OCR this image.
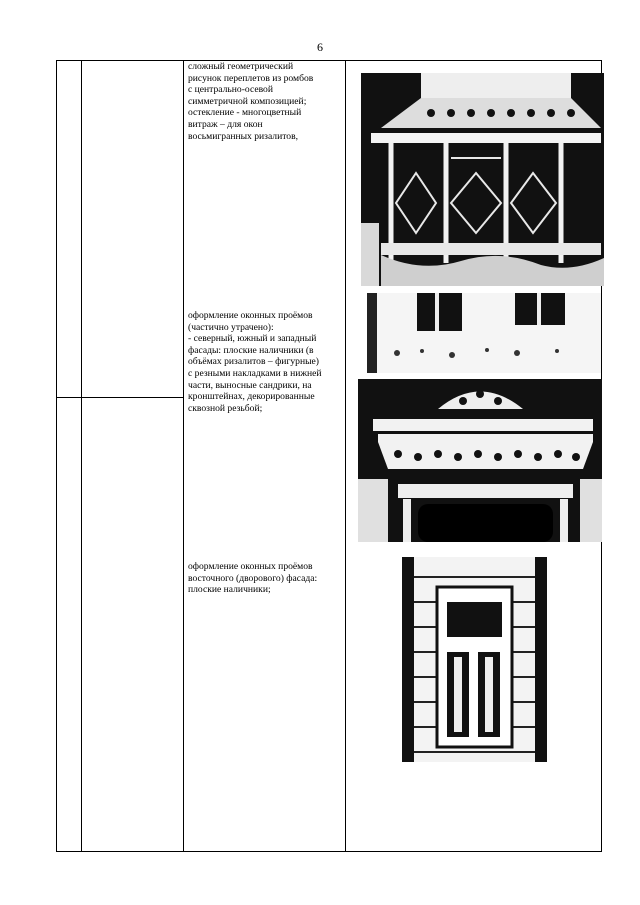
6
сложный геометрический
рисунок переплетов из ромбов
с центрально-осевой
симметричной композицией;
остекление - многоцветный
витраж – для окон
восьмигранных ризалитов,
оформление оконных проёмов
(частично утрачено):
- северный, южный и западный
фасады: плоские наличники (в
объёмах ризалитов – фигурные)
с резными накладками в нижней
части, выносные сандрики, на
кронштейнах, декорированные
сквозной резьбой;
оформление оконных проёмов
восточного (дворового) фасада:
плоские наличники;
